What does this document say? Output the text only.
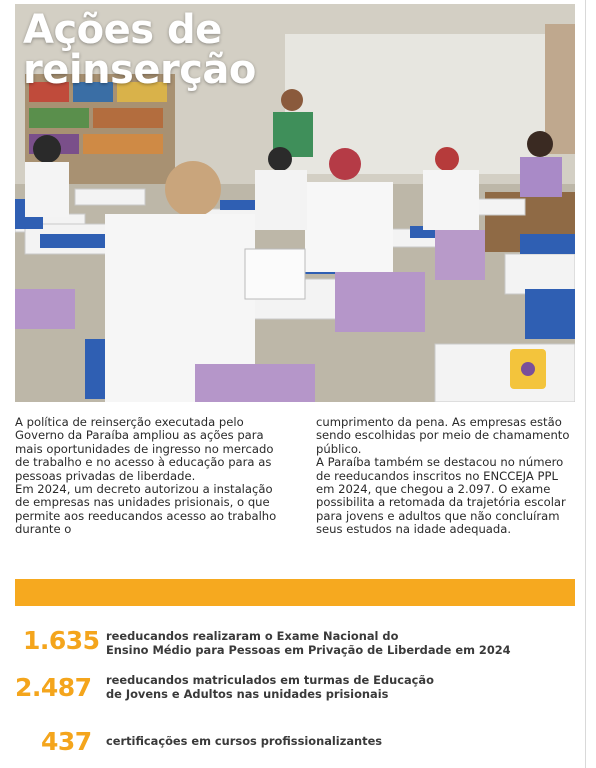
Ações de
reinserção

A política de reinserção executada pelo Governo da Paraíba ampliou as ações para mais oportunidades de ingresso no mercado de trabalho e no acesso à educação para as pessoas privadas de liberdade.

Em 2024, um decreto autorizou a instalação de empresas nas unidades prisionais, o que permite aos reeducandos acesso ao trabalho durante o

cumprimento da pena. As empresas estão sendo escolhidas por meio de chamamento público.

A Paraíba também se destacou no número de reeducandos inscritos no ENCCEJA PPL em 2024, que chegou a 2.097. O exame possibilita a retomada da trajetória escolar para jovens e adultos que não concluíram seus estudos na idade adequada.

1.635 reeducandos realizaram o Exame Nacional do
Ensino Médio para Pessoas em Privação de Liberdade em 2024

2.487 reeducandos matriculados em turmas de Educação
de Jovens e Adultos nas unidades prisionais

437 certificações em cursos profissionalizantes
